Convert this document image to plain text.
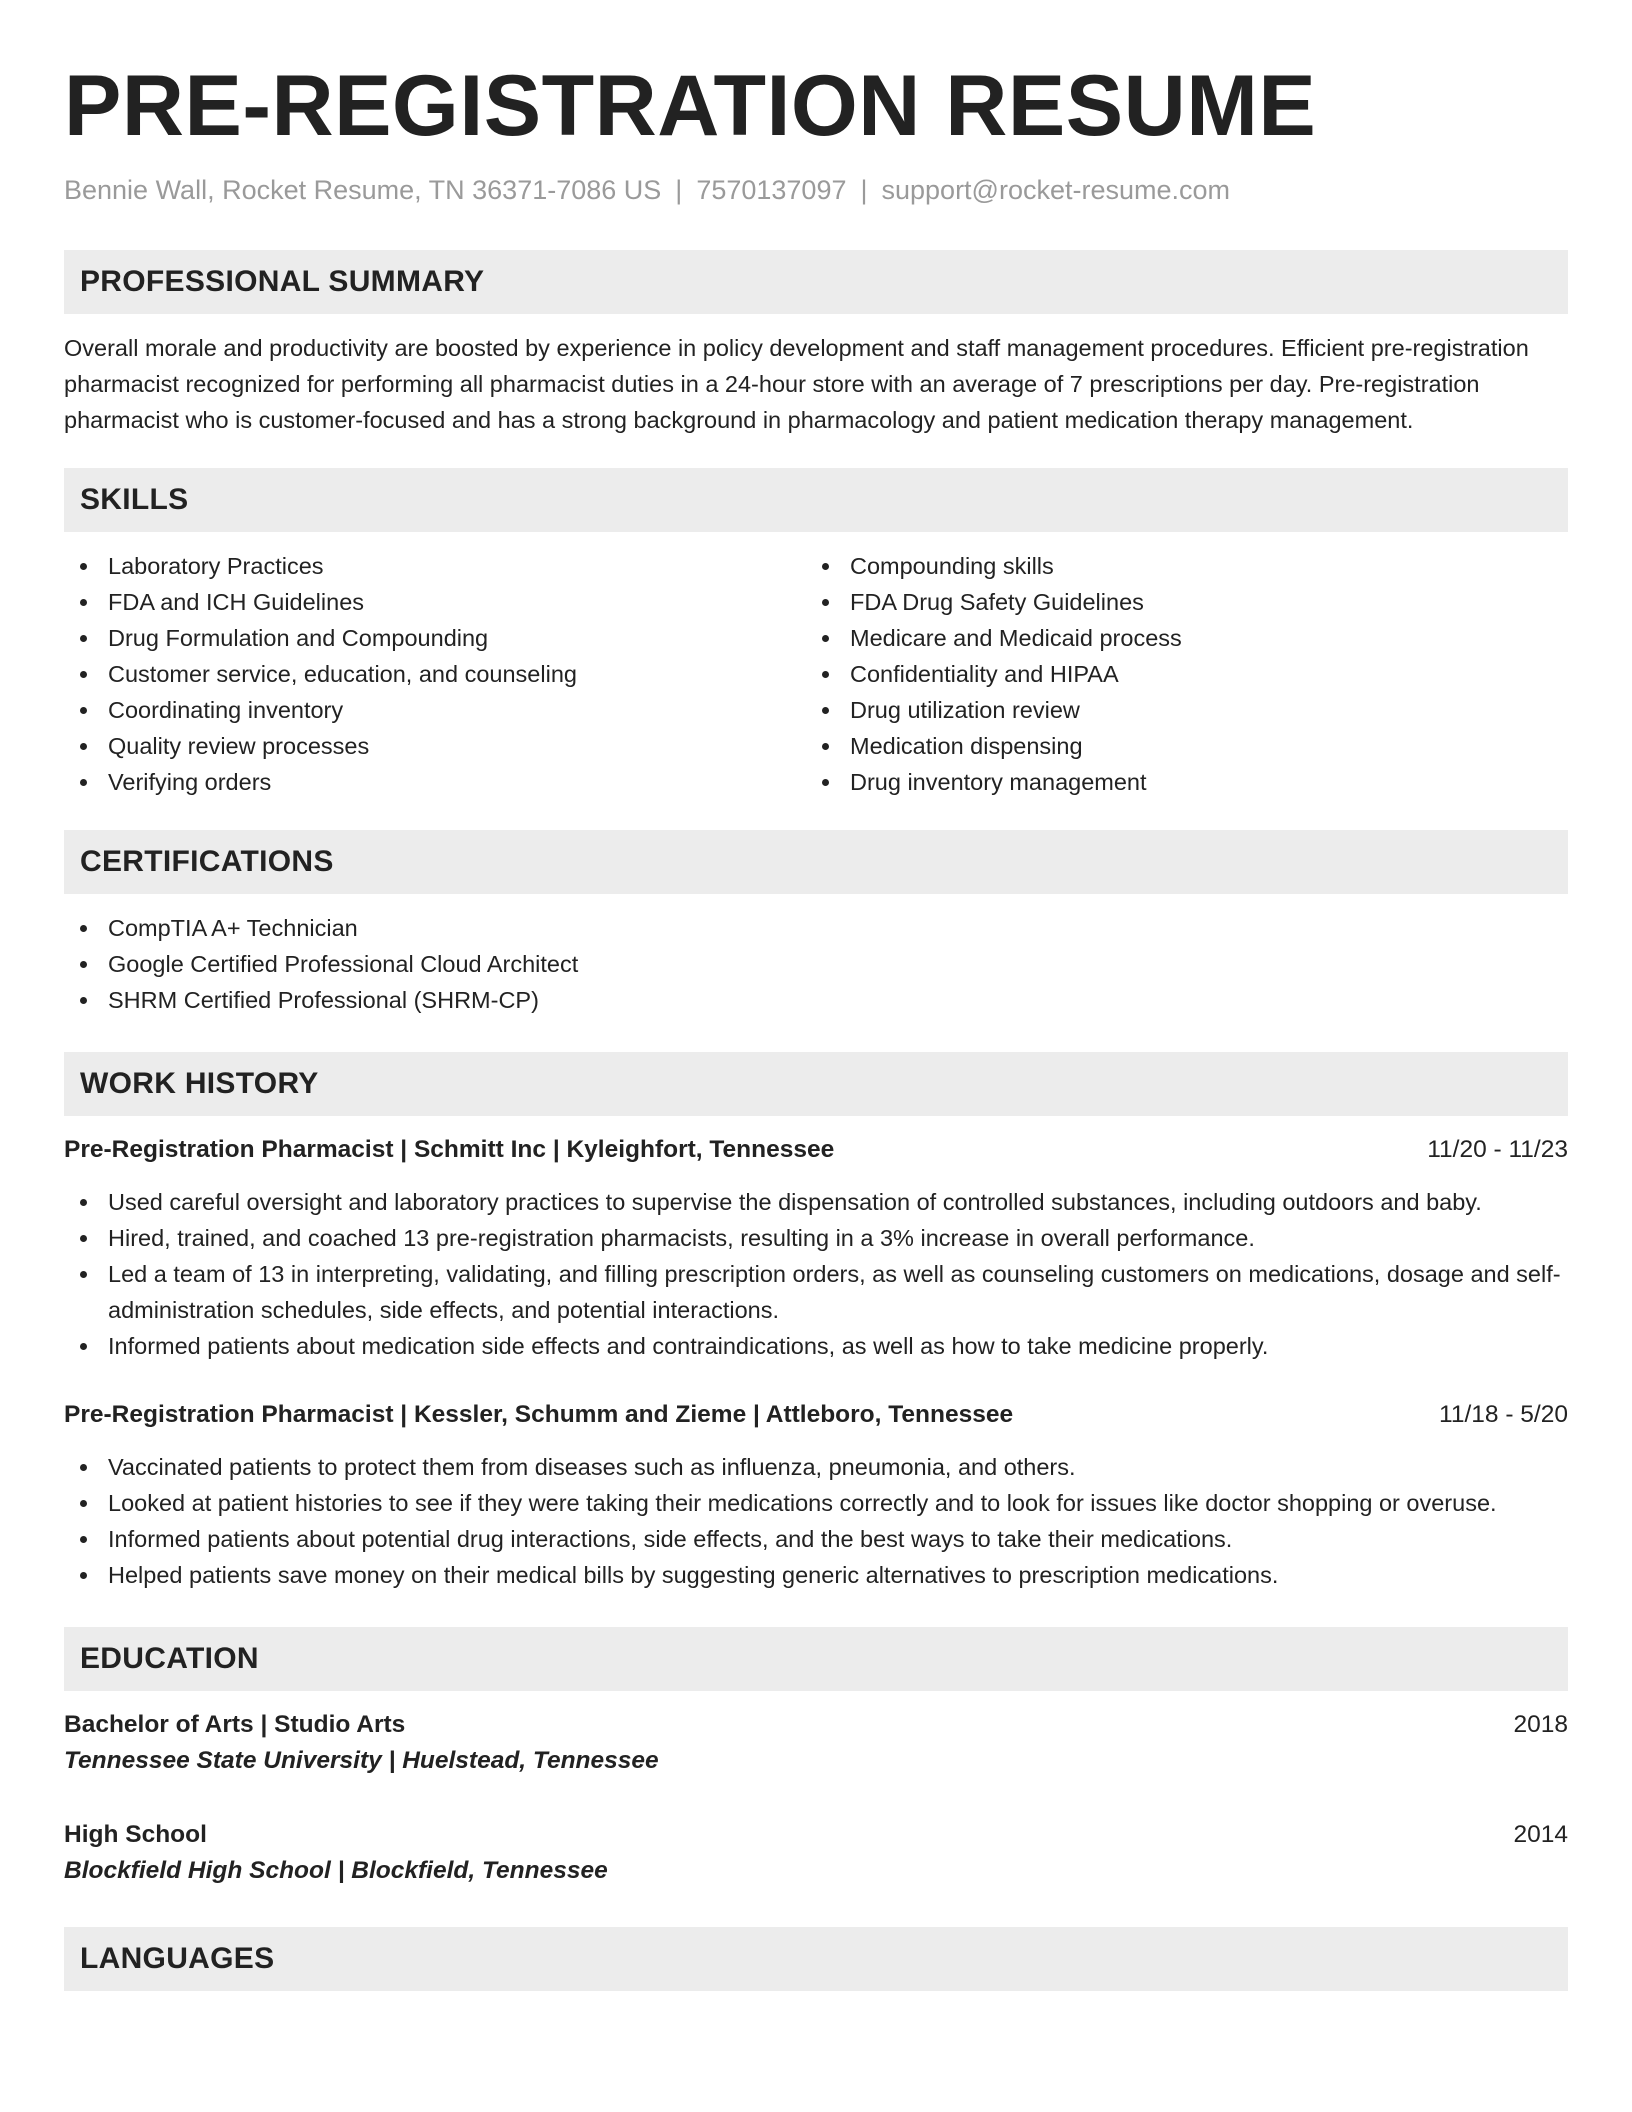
PRE-REGISTRATION RESUME
Bennie Wall, Rocket Resume, TN 36371-7086 US | 7570137097 | support@rocket-resume.com
PROFESSIONAL SUMMARY

Overall morale and productivity are boosted by experience in policy development and staff management procedures. Efficient pre-registration pharmacist recognized for performing all pharmacist duties in a 24-hour store with an average of 7 prescriptions per day. Pre-registration pharmacist who is customer-focused and has a strong background in pharmacology and patient medication therapy management.

SKILLS
Laboratory Practices
FDA and ICH Guidelines
Drug Formulation and Compounding
Customer service, education, and counseling
Coordinating inventory
Quality review processes
Verifying orders
Compounding skills
FDA Drug Safety Guidelines
Medicare and Medicaid process
Confidentiality and HIPAA
Drug utilization review
Medication dispensing
Drug inventory management
CERTIFICATIONS
CompTIA A+ Technician
Google Certified Professional Cloud Architect
SHRM Certified Professional (SHRM-CP)
WORK HISTORY
Pre-Registration Pharmacist | Schmitt Inc | Kyleighfort, Tennessee	11/20 - 11/23
Used careful oversight and laboratory practices to supervise the dispensation of controlled substances, including outdoors and baby.
Hired, trained, and coached 13 pre-registration pharmacists, resulting in a 3% increase in overall performance.
Led a team of 13 in interpreting, validating, and filling prescription orders, as well as counseling customers on medications, dosage and self-administration schedules, side effects, and potential interactions.
Informed patients about medication side effects and contraindications, as well as how to take medicine properly.
Pre-Registration Pharmacist | Kessler, Schumm and Zieme | Attleboro, Tennessee	11/18 - 5/20
Vaccinated patients to protect them from diseases such as influenza, pneumonia, and others.
Looked at patient histories to see if they were taking their medications correctly and to look for issues like doctor shopping or overuse.
Informed patients about potential drug interactions, side effects, and the best ways to take their medications.
Helped patients save money on their medical bills by suggesting generic alternatives to prescription medications.
EDUCATION
Bachelor of Arts | Studio Arts	2018
Tennessee State University | Huelstead, Tennessee
High School	2014
Blockfield High School | Blockfield, Tennessee
LANGUAGES
